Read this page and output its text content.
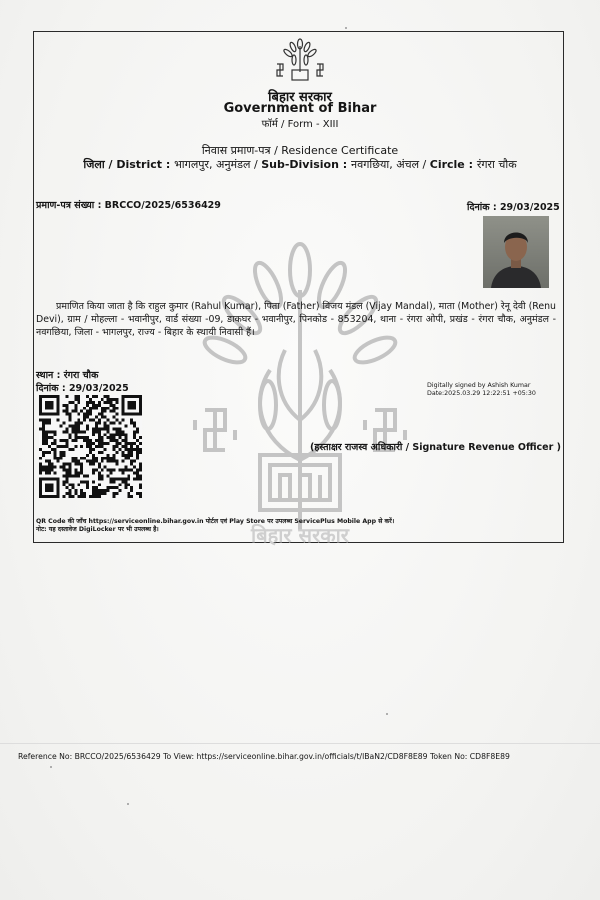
बिहार सरकार
बिहार सरकार
Government of Bihar
फॉर्म / Form - XIII
निवास प्रमाण-पत्र / Residence Certificate
जिला / District : भागलपुर, अनुमंडल / Sub-Division : नवगछिया, अंचल / Circle : रंगरा चौक
प्रमाण-पत्र संख्या : BRCCO/2025/6536429	दिनांक : 29/03/2025

प्रमाणित किया जाता है कि राहुल कुमार (Rahul Kumar), पिता (Father) विजय मंडल (Vijay Mandal), माता (Mother) रेनू देवी (Renu Devi), ग्राम / मोहल्ला - भवानीपुर, वार्ड संख्या -09, डाकघर - भवानीपुर, पिनकोड - 853204, थाना - रंगरा ओपी, प्रखंड - रंगरा चौक, अनुमंडल - नवगछिया, जिला - भागलपुर, राज्य - बिहार के स्थायी निवासी हैं।

स्थान : रंगरा चौक
दिनांक : 29/03/2025	Digitally signed by Ashish Kumar
Date:2025.03.29 12:22:51 +05:30
(हस्ताक्षर राजस्व अधिकारी / Signature Revenue Officer )
QR Code की जाँच https://serviceonline.bihar.gov.in पोर्टल एवं Play Store पर उपलब्ध ServicePlus Mobile App से करें।
नोट: यह दस्तावेज DigiLocker पर भी उपलब्ध है।
Reference No: BRCCO/2025/6536429 To View: https://serviceonline.bihar.gov.in/officials/t/lBaN2/CD8F8E89 Token No: CD8F8E89
